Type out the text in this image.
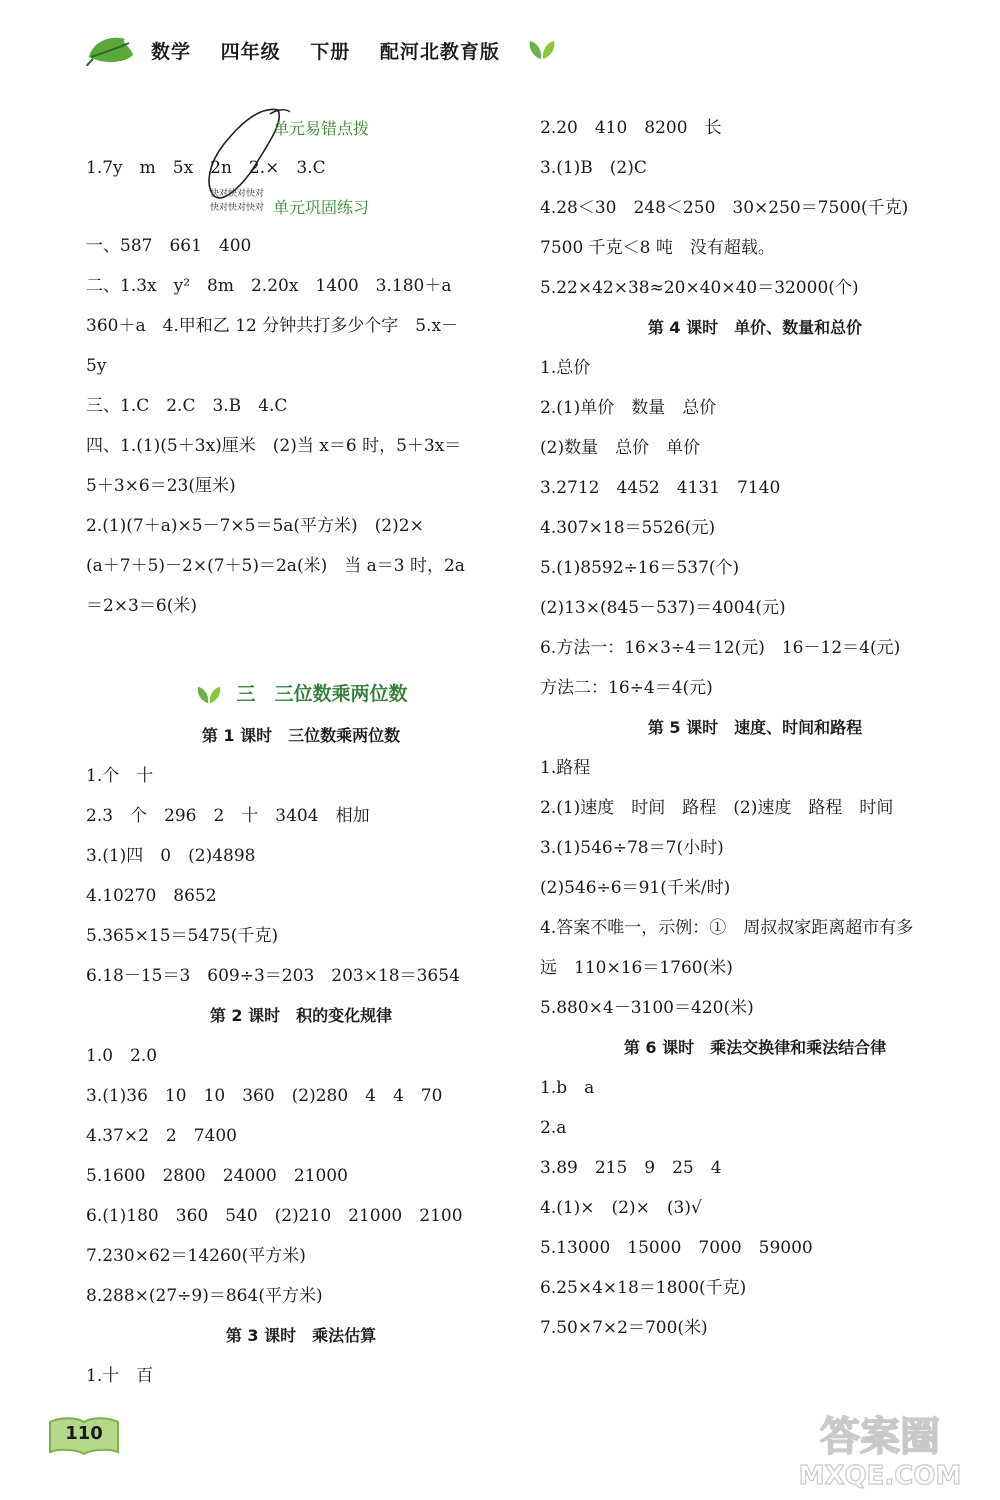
数学 四年级 下册 配河北教育版
快对快对快对
快对快对快对
单元易错点拨
1.7y　m　5x　2n　2.×　3.C
单元巩固练习
一、587　661　400
二、1.3x　y²　8m　2.20x　1400　3.180＋a
360＋a　4.甲和乙 12 分钟共打多少个字　5.x－
5y
三、1.C　2.C　3.B　4.C
四、1.(1)(5＋3x)厘米　(2)当 x＝6 时，5＋3x＝
5＋3×6＝23(厘米)
2.(1)(7＋a)×5－7×5＝5a(平方米)　(2)2×
(a＋7＋5)－2×(7＋5)＝2a(米)　当 a＝3 时，2a
＝2×3＝6(米)
三　三位数乘两位数
第 1 课时　三位数乘两位数
1.个　十
2.3　个　296　2　十　3404　相加
3.(1)四　0　(2)4898
4.10270　8652
5.365×15＝5475(千克)
6.18－15＝3　609÷3＝203　203×18＝3654
第 2 课时　积的变化规律
1.0　2.0
3.(1)36　10　10　360　(2)280　4　4　70
4.37×2　2　7400
5.1600　2800　24000　21000
6.(1)180　360　540　(2)210　21000　2100
7.230×62＝14260(平方米)
8.288×(27÷9)＝864(平方米)
第 3 课时　乘法估算
1.十　百
2.20　410　8200　长
3.(1)B　(2)C
4.28＜30　248＜250　30×250＝7500(千克)
7500 千克＜8 吨　没有超载。
5.22×42×38≈20×40×40＝32000(个)
第 4 课时　单价、数量和总价
1.总价
2.(1)单价　数量　总价
(2)数量　总价　单价
3.2712　4452　4131　7140
4.307×18＝5526(元)
5.(1)8592÷16＝537(个)
(2)13×(845－537)＝4004(元)
6.方法一：16×3÷4＝12(元)　16－12＝4(元)
方法二：16÷4＝4(元)
第 5 课时　速度、时间和路程
1.路程
2.(1)速度　时间　路程　(2)速度　路程　时间
3.(1)546÷78＝7(小时)
(2)546÷6＝91(千米/时)
4.答案不唯一，示例：①　周叔叔家距离超市有多
远　110×16＝1760(米)
5.880×4－3100＝420(米)
第 6 课时　乘法交换律和乘法结合律
1.b　a
2.a
3.89　215　9　25　4
4.(1)×　(2)×　(3)√
5.13000　15000　7000　59000
6.25×4×18＝1800(千克)
7.50×7×2＝700(米)
110	答案圈
MXQE.COM
